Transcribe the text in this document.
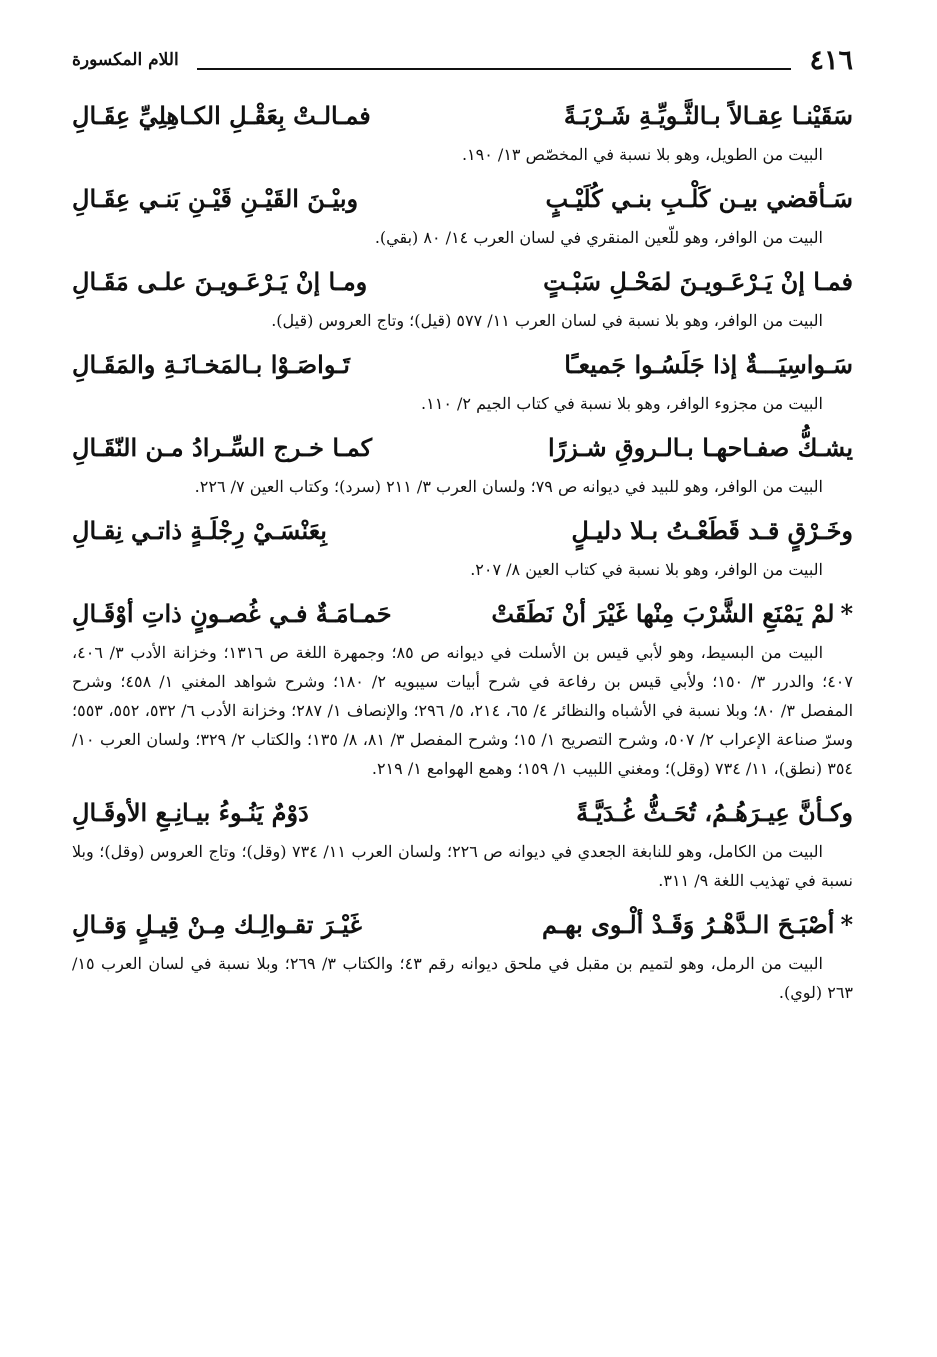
٤١٦
اللام المكسورة
سَقَيْنـا عِقـالاً بـالثَّـويِّـةِ شَـرْبَـةً
فمـالـتْ بِعَقْـلِ الكـاهِلِيِّ عِقَـالِ

البيت من الطويل، وهو بلا نسبة في المخصّص ١٣/ ١٩٠.

سَـأقضي بيـن كَلْـبِ بنـي كُلَيْـبٍ
وبيْـنَ القَيْـنِ قَيْـنِ بَنـي عِقَـالِ

البيت من الوافر، وهو للّعين المنقري في لسان العرب ١٤/ ٨٠ (بقي).

فمـا إنْ يَـرْعَـويـنَ لمَحْـلِ سَبْـتٍ
ومـا إنْ يَـرْعَـويـنَ علـى مَقَـالِ

البيت من الوافر، وهو بلا نسبة في لسان العرب ١١/ ٥٧٧ (قيل)؛ وتاج العروس (قيل).

سَـواسِيَـــةٌ إذا جَلَسُـوا جَميعـًا
تَـواصَـوْا بـالمَخـانَـةِ والمَقَـالِ

البيت من مجزوء الوافر، وهو بلا نسبة في كتاب الجيم ٢/ ١١٠.

يشـكُّ صفـاحهـا بـالـروقِ شـزرًا
كمـا خـرج السِّـرادُ مـن النّقَـالِ

البيت من الوافر، وهو للبيد في ديوانه ص ٧٩؛ ولسان العرب ٣/ ٢١١ (سرد)؛ وكتاب العين ٧/ ٢٢٦.

وخَـرْقٍ قـد قَطَعْـتُ بـلا دليـلٍ
بِعَنْسَـيْ رِجْلَـةٍ ذاتـي نِقـالِ

البيت من الوافر، وهو بلا نسبة في كتاب العين ٨/ ٢٠٧.

*لمْ يَمْنَعِ الشَّرْبَ مِنْها غَيْرَ أنْ نَطَقَتْ
حَمـامَـةٌ فـي غُصـونٍ ذاتِ أوْقَـالِ

البيت من البسيط، وهو لأبي قيس بن الأسلت في ديوانه ص ٨٥؛ وجمهرة اللغة ص ١٣١٦؛ وخزانة الأدب ٣/ ٤٠٦، ٤٠٧؛ والدرر ٣/ ١٥٠؛ ولأبي قيس بن رفاعة في شرح أبيات سيبويه ٢/ ١٨٠؛ وشرح شواهد المغني ١/ ٤٥٨؛ وشرح المفصل ٣/ ٨٠؛ وبلا نسبة في الأشباه والنظائر ٤/ ٦٥، ٢١٤، ٥/ ٢٩٦؛ والإنصاف ١/ ٢٨٧؛ وخزانة الأدب ٦/ ٥٣٢، ٥٥٢، ٥٥٣؛ وسرّ صناعة الإعراب ٢/ ٥٠٧، وشرح التصريح ١/ ١٥؛ وشرح المفصل ٣/ ٨١، ٨/ ١٣٥؛ والكتاب ٢/ ٣٢٩؛ ولسان العرب ١٠/ ٣٥٤ (نطق)، ١١/ ٧٣٤ (وقل)؛ ومغني اللبيب ١/ ١٥٩؛ وهمع الهوامع ١/ ٢١٩.

وكـأنَّ عِيـرَهُـمُ، تُحَـثُّ غُـدَيَّـةً
دَوْمٌ يَنُـوءُ بيـانِـعِ الأوقَـالِ

البيت من الكامل، وهو للنابغة الجعدي في ديوانه ص ٢٢٦؛ ولسان العرب ١١/ ٧٣٤ (وقل)؛ وتاج العروس (وقل)؛ وبلا نسبة في تهذيب اللغة ٩/ ٣١١.

*أصْبَـحَ الـدَّهْـرُ وَقَـدْ ألْـوى بهـم
غَيْـرَ تقـوالِـك مِـنْ قِيـلٍ وَقـالِ

البيت من الرمل، وهو لتميم بن مقبل في ملحق ديوانه رقم ٤٣؛ والكتاب ٣/ ٢٦٩؛ وبلا نسبة في لسان العرب ١٥/ ٢٦٣ (لوي).
